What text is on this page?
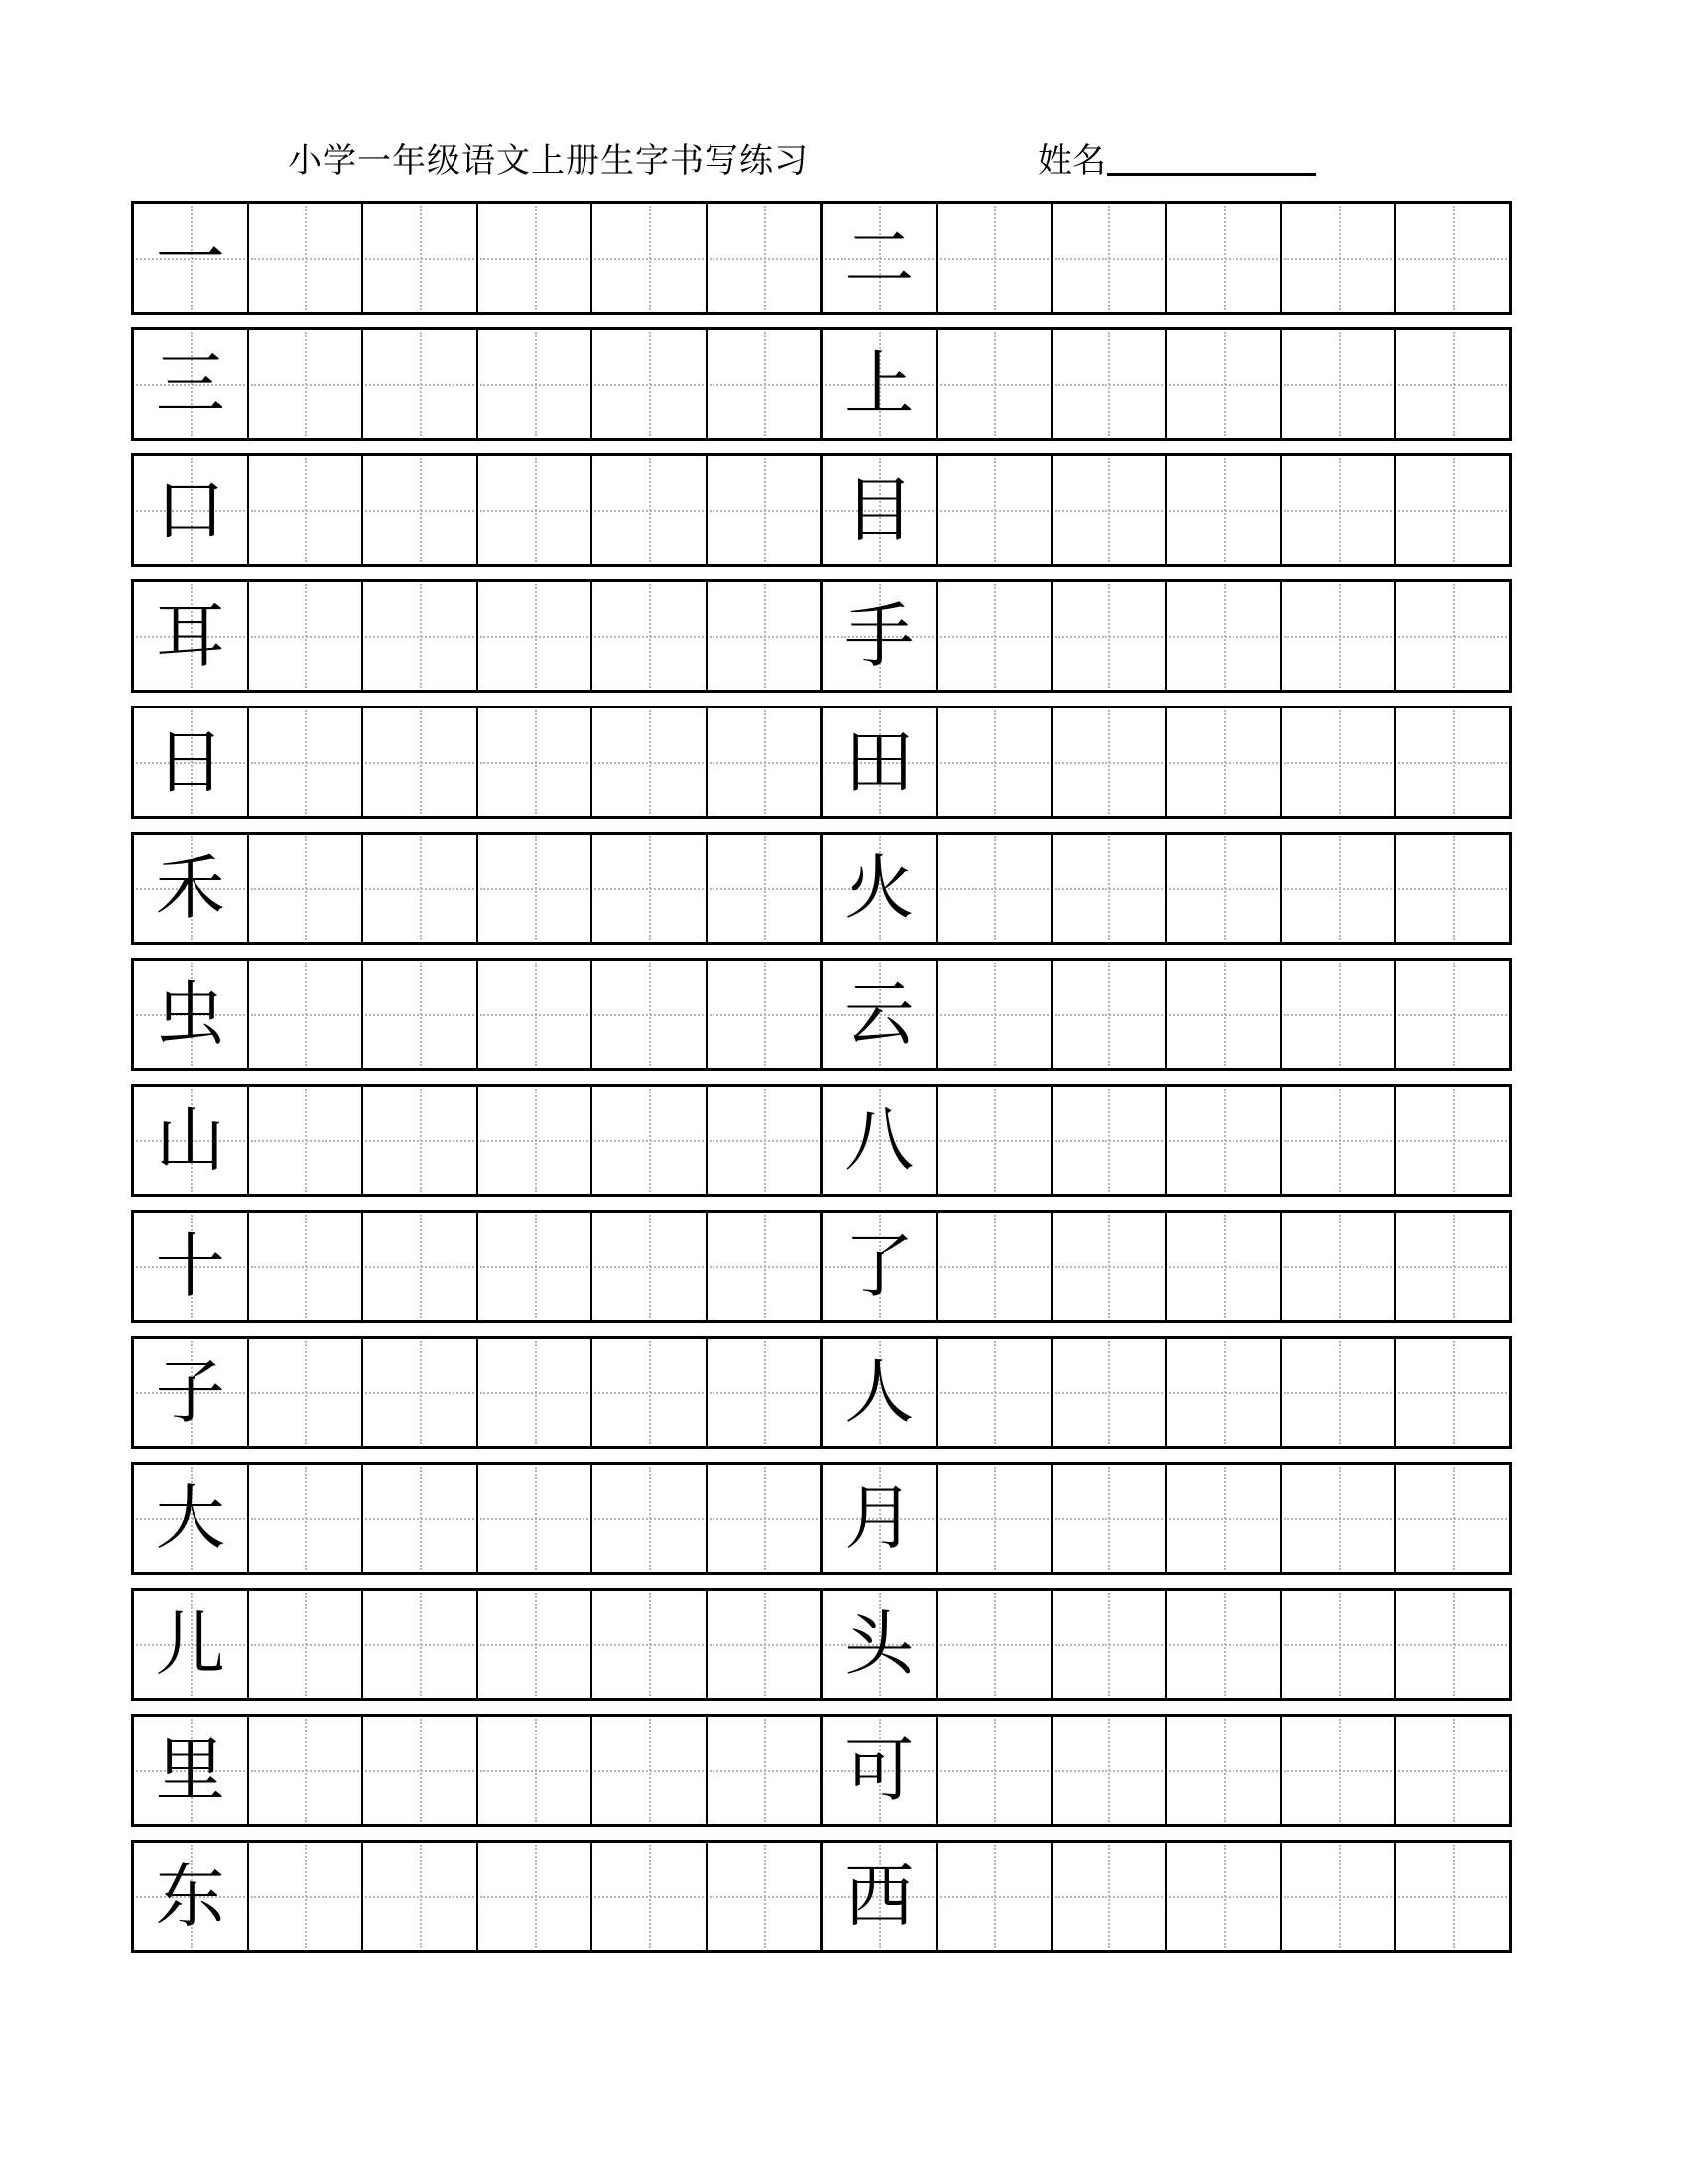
小学一年级语文上册生字书写练习	姓名
一	二
三	上
口	目
耳	手
日	田
禾	火
虫	云
山	八
十	了
子	人
大	月
儿	头
里	可
东	西
